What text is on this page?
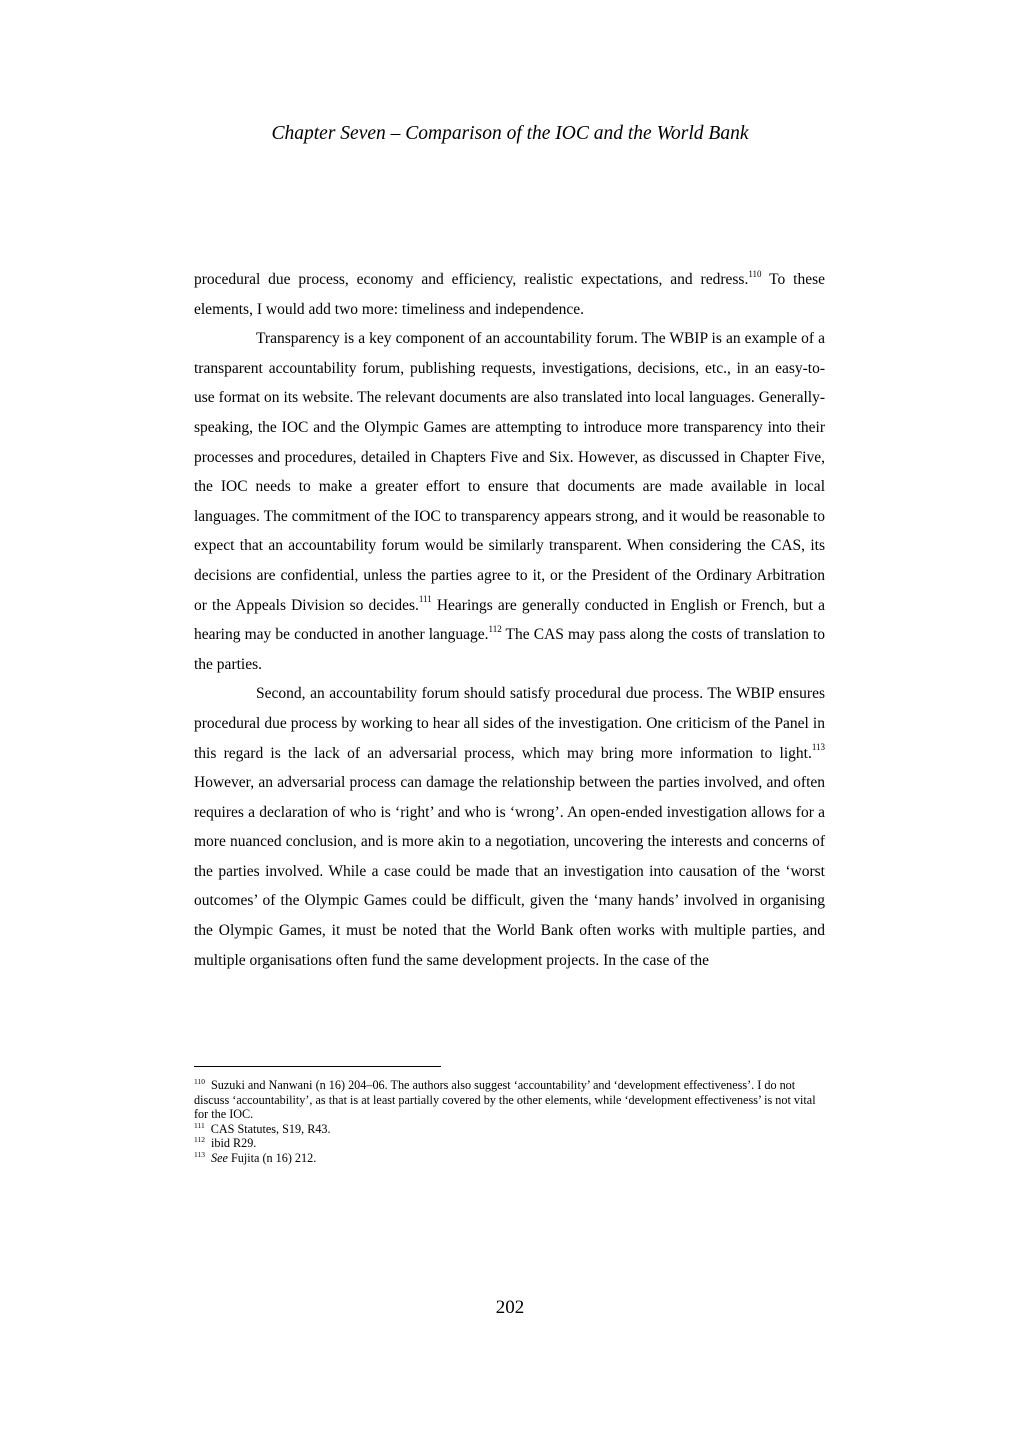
Chapter Seven – Comparison of the IOC and the World Bank

procedural due process, economy and efficiency, realistic expectations, and redress.$^{110}$ To these elements, I would add two more: timeliness and independence.

Transparency is a key component of an accountability forum. The WBIP is an example of a transparent accountability forum, publishing requests, investigations, decisions, etc., in an easy-to-use format on its website. The relevant documents are also translated into local languages. Generally-speaking, the IOC and the Olympic Games are attempting to introduce more transparency into their processes and procedures, detailed in Chapters Five and Six. However, as discussed in Chapter Five, the IOC needs to make a greater effort to ensure that documents are made available in local languages. The commitment of the IOC to transparency appears strong, and it would be reasonable to expect that an accountability forum would be similarly transparent. When considering the CAS, its decisions are confidential, unless the parties agree to it, or the President of the Ordinary Arbitration or the Appeals Division so decides.$^{111}$ Hearings are generally conducted in English or French, but a hearing may be conducted in another language.$^{112}$ The CAS may pass along the costs of translation to the parties.

Second, an accountability forum should satisfy procedural due process. The WBIP ensures procedural due process by working to hear all sides of the investigation. One criticism of the Panel in this regard is the lack of an adversarial process, which may bring more information to light.$^{113}$ However, an adversarial process can damage the relationship between the parties involved, and often requires a declaration of who is ‘right’ and who is ‘wrong’. An open-ended investigation allows for a more nuanced conclusion, and is more akin to a negotiation, uncovering the interests and concerns of the parties involved. While a case could be made that an investigation into causation of the ‘worst outcomes’ of the Olympic Games could be difficult, given the ‘many hands’ involved in organising the Olympic Games, it must be noted that the World Bank often works with multiple parties, and multiple organisations often fund the same development projects. In the case of the

$^{110}$ Suzuki and Nanwani (n 16) 204–06. The authors also suggest ‘accountability’ and ‘development effectiveness’. I do not discuss ‘accountability’, as that is at least partially covered by the other elements, while ‘development effectiveness’ is not vital for the IOC.

$^{111}$ CAS Statutes, S19, R43.

$^{112}$ ibid R29.

$^{113}$ See Fujita (n 16) 212.

202
